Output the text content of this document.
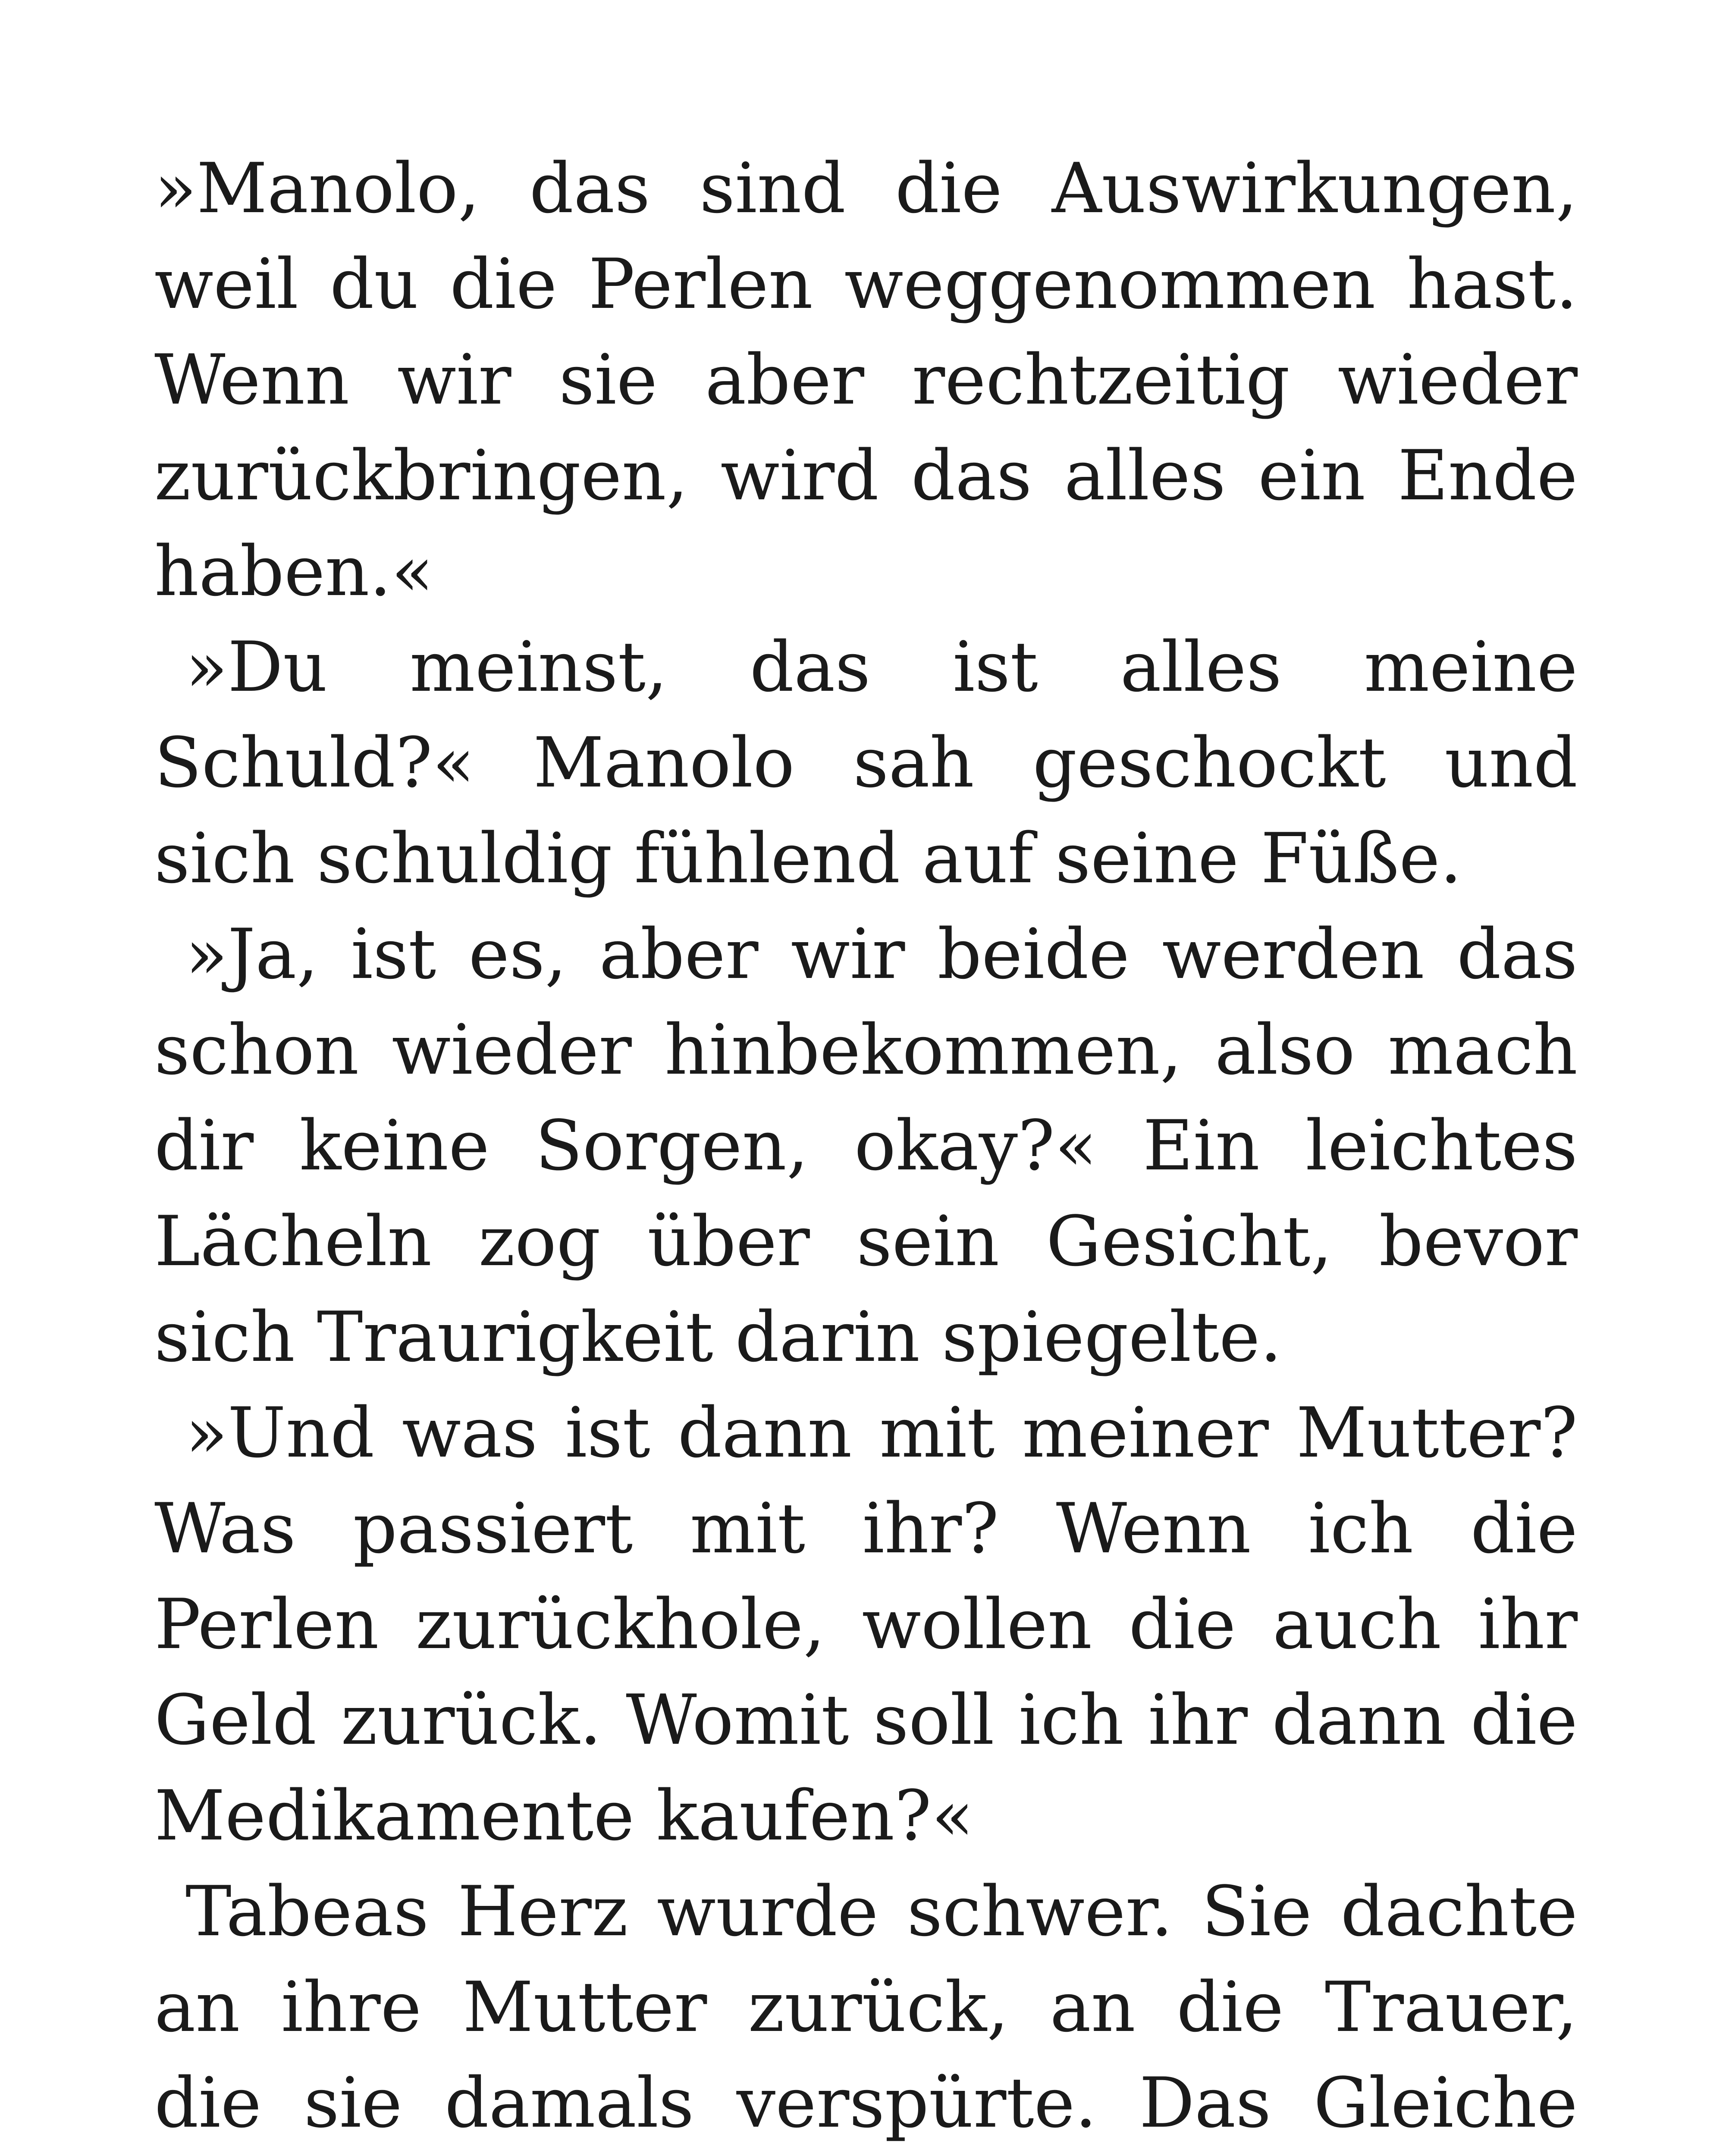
»Manolo, das sind die Auswirkungen, weil du die Perlen weggenommen hast. Wenn wir sie aber rechtzeitig wieder zurückbringen, wird das alles ein Ende haben.«

»Du meinst, das ist alles meine Schuld?« Manolo sah geschockt und sich schuldig fühlend auf seine Füße.

»Ja, ist es, aber wir beide werden das schon wieder hinbekommen, also mach dir keine Sorgen, okay?« Ein leichtes Lächeln zog über sein Gesicht, bevor sich Traurigkeit darin spiegelte.

»Und was ist dann mit meiner Mutter? Was passiert mit ihr? Wenn ich die Perlen zurückhole, wollen die auch ihr Geld zurück. Womit soll ich ihr dann die Medikamente kaufen?«

Tabeas Herz wurde schwer. Sie dachte an ihre Mutter zurück, an die Trauer, die sie damals verspürte. Das Gleiche
